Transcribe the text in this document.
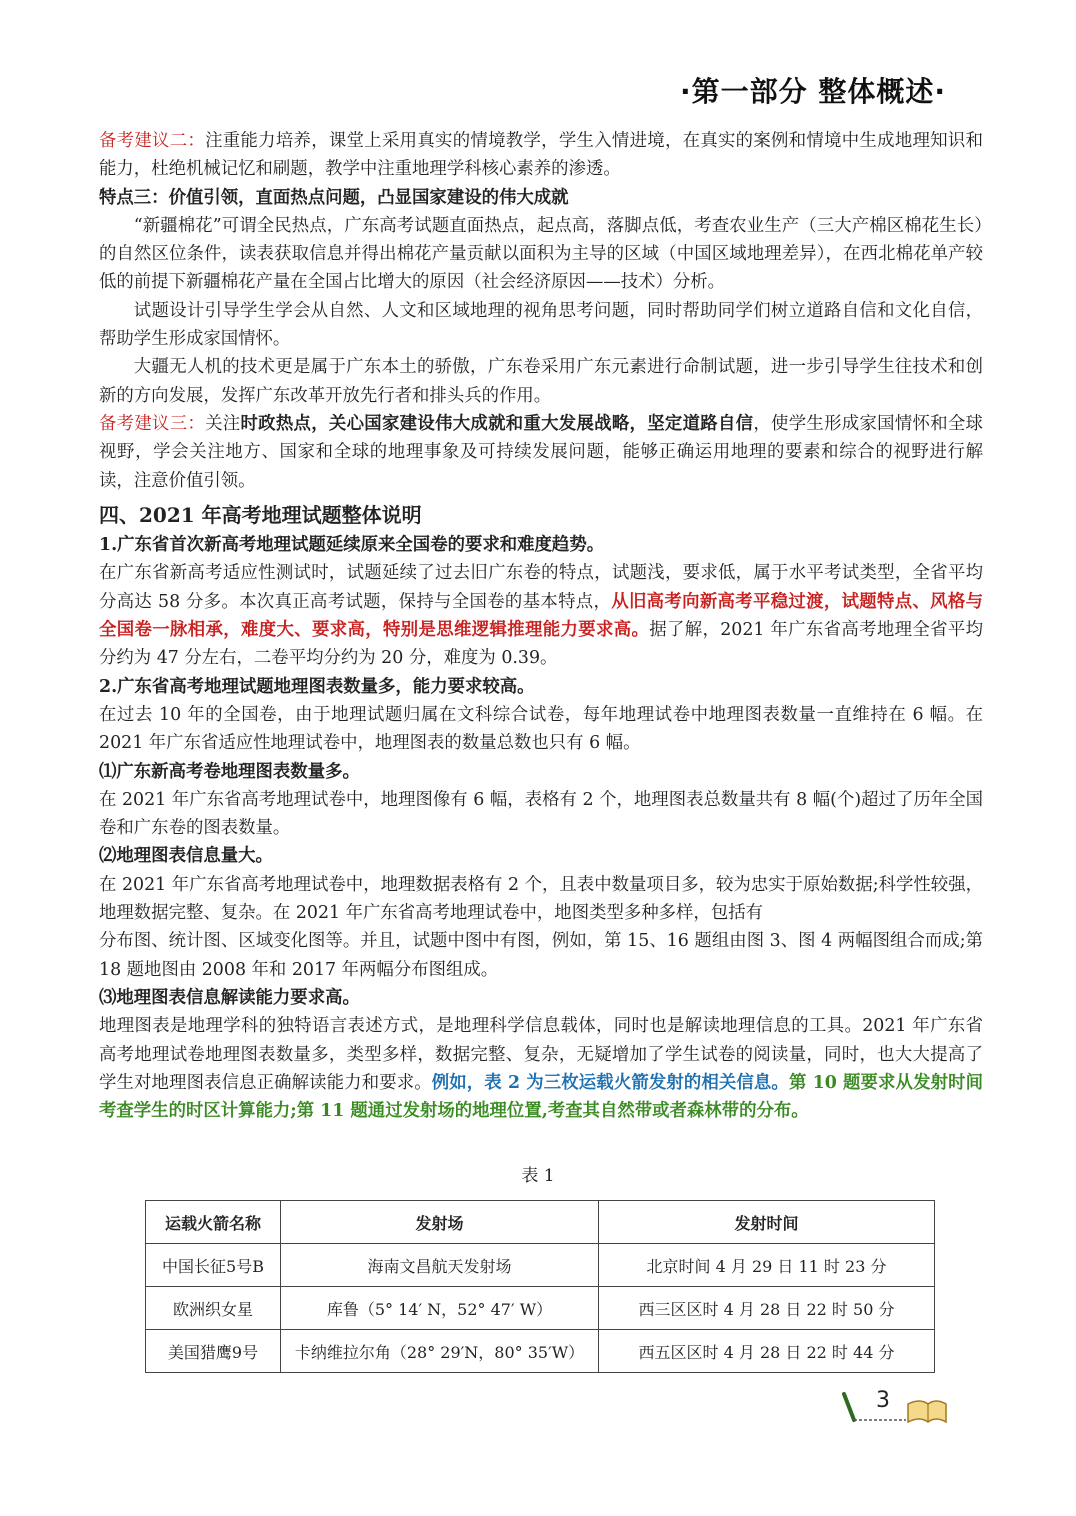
·第一部分 整体概述·

备考建议二：注重能力培养，课堂上采用真实的情境教学，学生入情进境，在真实的案例和情境中生成地理知识和能力，杜绝机械记忆和刷题，教学中注重地理学科核心素养的渗透。

特点三：价值引领，直面热点问题，凸显国家建设的伟大成就

“新疆棉花”可谓全民热点，广东高考试题直面热点，起点高，落脚点低，考查农业生产（三大产棉区棉花生长）的自然区位条件，读表获取信息并得出棉花产量贡献以面积为主导的区域（中国区域地理差异），在西北棉花单产较低的前提下新疆棉花产量在全国占比增大的原因（社会经济原因——技术）分析。

试题设计引导学生学会从自然、人文和区域地理的视角思考问题，同时帮助同学们树立道路自信和文化自信，帮助学生形成家国情怀。

大疆无人机的技术更是属于广东本土的骄傲，广东卷采用广东元素进行命制试题，进一步引导学生往技术和创新的方向发展，发挥广东改革开放先行者和排头兵的作用。

备考建议三：关注时政热点，关心国家建设伟大成就和重大发展战略，坚定道路自信，使学生形成家国情怀和全球视野，学会关注地方、国家和全球的地理事象及可持续发展问题，能够正确运用地理的要素和综合的视野进行解读，注意价值引领。

四、2021 年高考地理试题整体说明

1.广东省首次新高考地理试题延续原来全国卷的要求和难度趋势。

在广东省新高考适应性测试时，试题延续了过去旧广东卷的特点，试题浅，要求低，属于水平考试类型，全省平均分高达 58 分多。本次真正高考试题，保持与全国卷的基本特点，从旧高考向新高考平稳过渡，试题特点、风格与全国卷一脉相承，难度大、要求高，特别是思维逻辑推理能力要求高。据了解，2021 年广东省高考地理全省平均分约为 47 分左右，二卷平均分约为 20 分，难度为 0.39。

2.广东省高考地理试题地理图表数量多，能力要求较高。

在过去 10 年的全国卷，由于地理试题归属在文科综合试卷，每年地理试卷中地理图表数量一直维持在 6 幅。在 2021 年广东省适应性地理试卷中，地理图表的数量总数也只有 6 幅。

⑴广东新高考卷地理图表数量多。

在 2021 年广东省高考地理试卷中，地理图像有 6 幅，表格有 2 个，地理图表总数量共有 8 幅(个)超过了历年全国卷和广东卷的图表数量。

⑵地理图表信息量大。

在 2021 年广东省高考地理试卷中，地理数据表格有 2 个，且表中数量项目多，较为忠实于原始数据;科学性较强，地理数据完整、复杂。在 2021 年广东省高考地理试卷中，地图类型多种多样，包括有

分布图、统计图、区域变化图等。并且，试题中图中有图，例如，第 15、16 题组由图 3、图 4 两幅图组合而成;第 18 题地图由 2008 年和 2017 年两幅分布图组成。

⑶地理图表信息解读能力要求高。

地理图表是地理学科的独特语言表述方式，是地理科学信息载体，同时也是解读地理信息的工具。2021 年广东省高考地理试卷地理图表数量多，类型多样，数据完整、复杂，无疑增加了学生试卷的阅读量，同时，也大大提高了学生对地理图表信息正确解读能力和要求。例如，表 2 为三枚运载火箭发射的相关信息。第 10 题要求从发射时间考查学生的时区计算能力;第 11 题通过发射场的地理位置,考查其自然带或者森林带的分布。

表 1
运载火箭名称	发射场	发射时间
中国长征5号B	海南文昌航天发射场	北京时间 4 月 29 日 11 时 23 分
欧洲织女星	库鲁（5° 14′ N，52° 47′ W）	西三区区时 4 月 28 日 22 时 50 分
美国猎鹰9号	卡纳维拉尔角（28° 29′N，80° 35′W）	西五区区时 4 月 28 日 22 时 44 分
3
